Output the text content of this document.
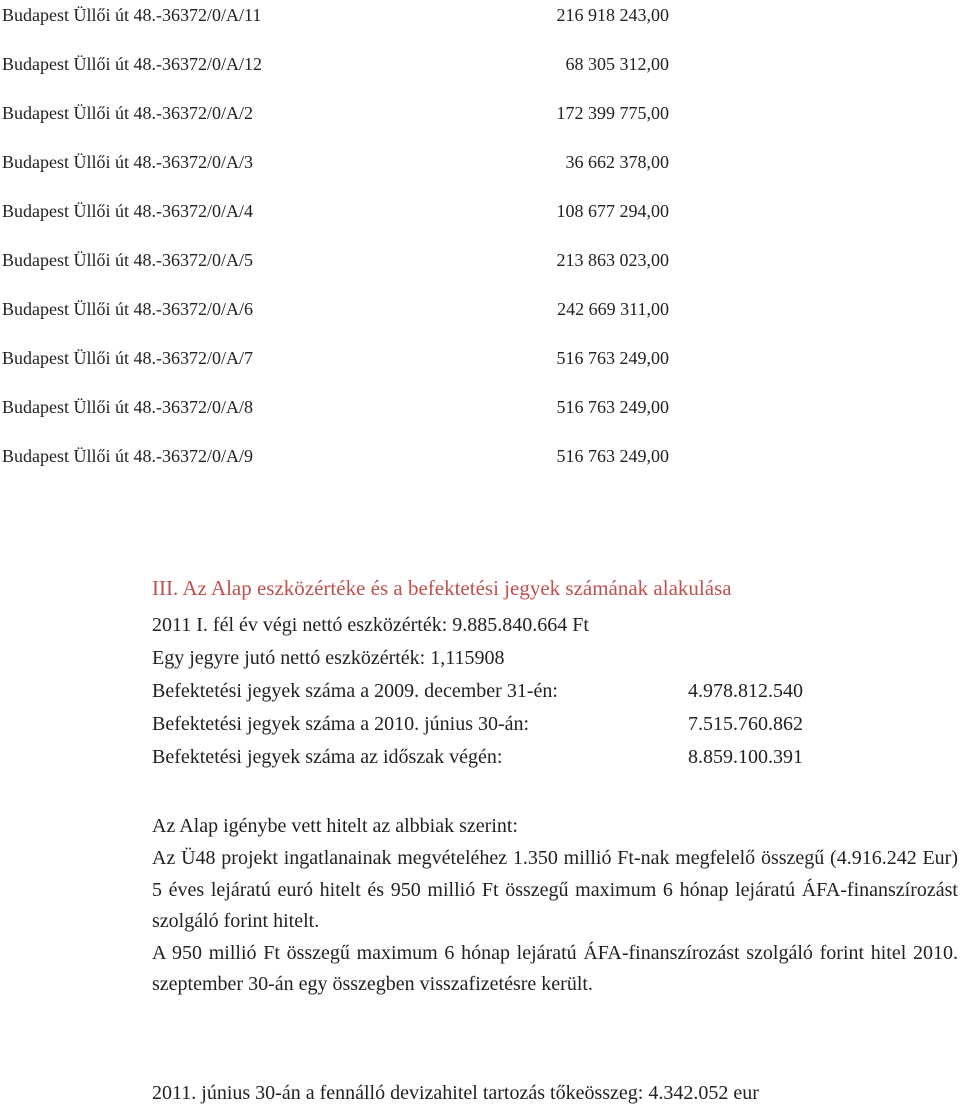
Budapest Üllői út 48.-36372/0/A/11	216 918 243,00
Budapest Üllői út 48.-36372/0/A/12	68 305 312,00
Budapest Üllői út 48.-36372/0/A/2	172 399 775,00
Budapest Üllői út 48.-36372/0/A/3	36 662 378,00
Budapest Üllői út 48.-36372/0/A/4	108 677 294,00
Budapest Üllői út 48.-36372/0/A/5	213 863 023,00
Budapest Üllői út 48.-36372/0/A/6	242 669 311,00
Budapest Üllői út 48.-36372/0/A/7	516 763 249,00
Budapest Üllői út 48.-36372/0/A/8	516 763 249,00
Budapest Üllői út 48.-36372/0/A/9	516 763 249,00
III. Az Alap eszközértéke és a befektetési jegyek számának alakulása
2011 I. fél év végi nettó eszközérték: 9.885.840.664 Ft
Egy jegyre jutó nettó eszközérték: 1,115908
Befektetési jegyek száma a 2009. december 31-én:	4.978.812.540
Befektetési jegyek száma a 2010. június 30-án:	7.515.760.862
Befektetési jegyek száma az időszak végén:	8.859.100.391
Az Alap igénybe vett hitelt az albbiak szerint:

Az Ü48 projekt ingatlanainak megvételéhez 1.350 millió Ft-nak megfelelő összegű (4.916.242 Eur) 5 éves lejáratú euró hitelt és 950 millió Ft összegű maximum 6 hónap lejáratú ÁFA-finanszírozást szolgáló forint hitelt.

A 950 millió Ft összegű maximum 6 hónap lejáratú ÁFA-finanszírozást szolgáló forint hitel 2010. szeptember 30-án egy összegben visszafizetésre került.

2011. június 30-án a fennálló devizahitel tartozás tőkeösszeg: 4.342.052 eur
